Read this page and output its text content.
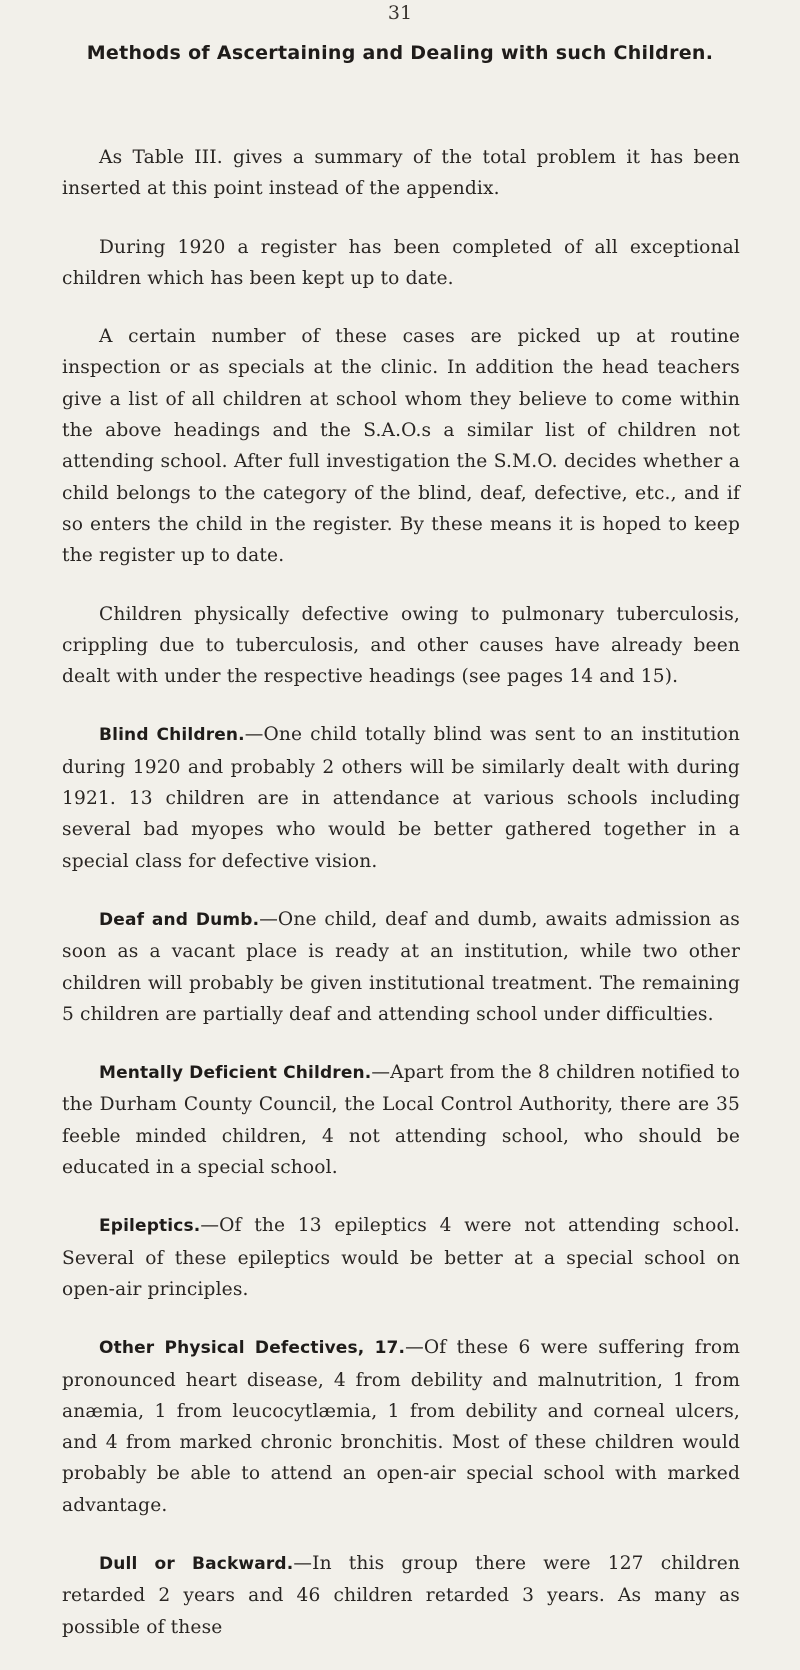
31
Methods of Ascertaining and Dealing with such Children.

As Table III. gives a summary of the total problem it has been inserted at this point instead of the appendix.

During 1920 a register has been completed of all exceptional children which has been kept up to date.

A certain number of these cases are picked up at routine inspection or as specials at the clinic. In addition the head teachers give a list of all children at school whom they believe to come within the above headings and the S.A.O.s a similar list of children not attending school. After full investigation the S.M.O. decides whether a child belongs to the category of the blind, deaf, defective, etc., and if so enters the child in the register. By these means it is hoped to keep the register up to date.

Children physically defective owing to pulmonary tuberculosis, crippling due to tuberculosis, and other causes have already been dealt with under the respective headings (see pages 14 and 15).

Blind Children.—One child totally blind was sent to an institution during 1920 and probably 2 others will be similarly dealt with during 1921. 13 children are in attendance at various schools including several bad myopes who would be better gathered together in a special class for defective vision.

Deaf and Dumb.—One child, deaf and dumb, awaits admission as soon as a vacant place is ready at an institution, while two other children will probably be given institutional treatment. The remaining 5 children are partially deaf and attending school under difficulties.

Mentally Deficient Children.—Apart from the 8 children notified to the Durham County Council, the Local Control Authority, there are 35 feeble minded children, 4 not attending school, who should be educated in a special school.

Epileptics.—Of the 13 epileptics 4 were not attending school. Several of these epileptics would be better at a special school on open-air principles.

Other Physical Defectives, 17.—Of these 6 were suffering from pronounced heart disease, 4 from debility and malnutrition, 1 from anæmia, 1 from leucocytlæmia, 1 from debility and corneal ulcers, and 4 from marked chronic bronchitis. Most of these children would probably be able to attend an open-air special school with marked advantage.

Dull or Backward.—In this group there were 127 children retarded 2 years and 46 children retarded 3 years. As many as possible of these
